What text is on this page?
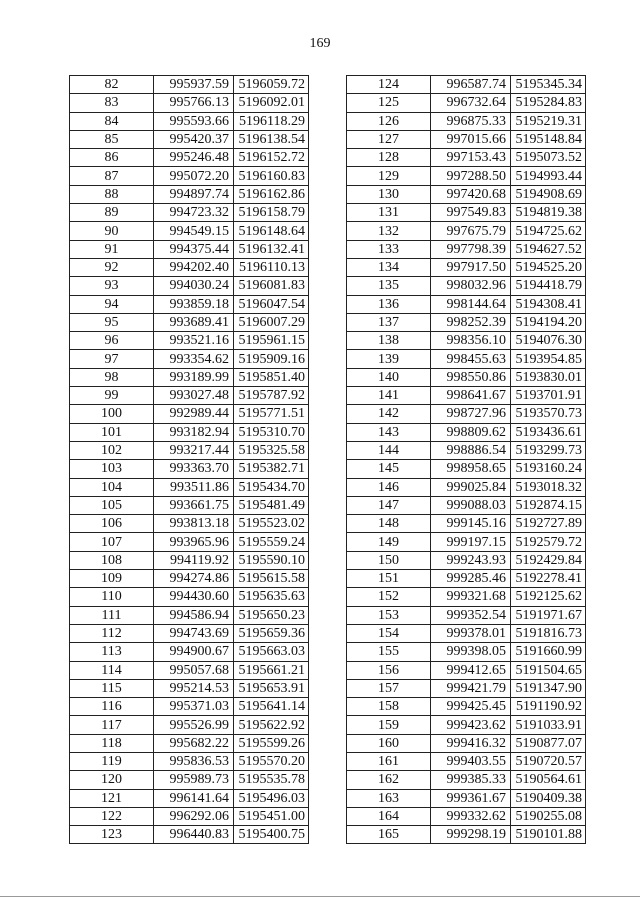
169
82	995937.59	5196059.72
83	995766.13	5196092.01
84	995593.66	5196118.29
85	995420.37	5196138.54
86	995246.48	5196152.72
87	995072.20	5196160.83
88	994897.74	5196162.86
89	994723.32	5196158.79
90	994549.15	5196148.64
91	994375.44	5196132.41
92	994202.40	5196110.13
93	994030.24	5196081.83
94	993859.18	5196047.54
95	993689.41	5196007.29
96	993521.16	5195961.15
97	993354.62	5195909.16
98	993189.99	5195851.40
99	993027.48	5195787.92
100	992989.44	5195771.51
101	993182.94	5195310.70
102	993217.44	5195325.58
103	993363.70	5195382.71
104	993511.86	5195434.70
105	993661.75	5195481.49
106	993813.18	5195523.02
107	993965.96	5195559.24
108	994119.92	5195590.10
109	994274.86	5195615.58
110	994430.60	5195635.63
111	994586.94	5195650.23
112	994743.69	5195659.36
113	994900.67	5195663.03
114	995057.68	5195661.21
115	995214.53	5195653.91
116	995371.03	5195641.14
117	995526.99	5195622.92
118	995682.22	5195599.26
119	995836.53	5195570.20
120	995989.73	5195535.78
121	996141.64	5195496.03
122	996292.06	5195451.00
123	996440.83	5195400.75
124	996587.74	5195345.34
125	996732.64	5195284.83
126	996875.33	5195219.31
127	997015.66	5195148.84
128	997153.43	5195073.52
129	997288.50	5194993.44
130	997420.68	5194908.69
131	997549.83	5194819.38
132	997675.79	5194725.62
133	997798.39	5194627.52
134	997917.50	5194525.20
135	998032.96	5194418.79
136	998144.64	5194308.41
137	998252.39	5194194.20
138	998356.10	5194076.30
139	998455.63	5193954.85
140	998550.86	5193830.01
141	998641.67	5193701.91
142	998727.96	5193570.73
143	998809.62	5193436.61
144	998886.54	5193299.73
145	998958.65	5193160.24
146	999025.84	5193018.32
147	999088.03	5192874.15
148	999145.16	5192727.89
149	999197.15	5192579.72
150	999243.93	5192429.84
151	999285.46	5192278.41
152	999321.68	5192125.62
153	999352.54	5191971.67
154	999378.01	5191816.73
155	999398.05	5191660.99
156	999412.65	5191504.65
157	999421.79	5191347.90
158	999425.45	5191190.92
159	999423.62	5191033.91
160	999416.32	5190877.07
161	999403.55	5190720.57
162	999385.33	5190564.61
163	999361.67	5190409.38
164	999332.62	5190255.08
165	999298.19	5190101.88
